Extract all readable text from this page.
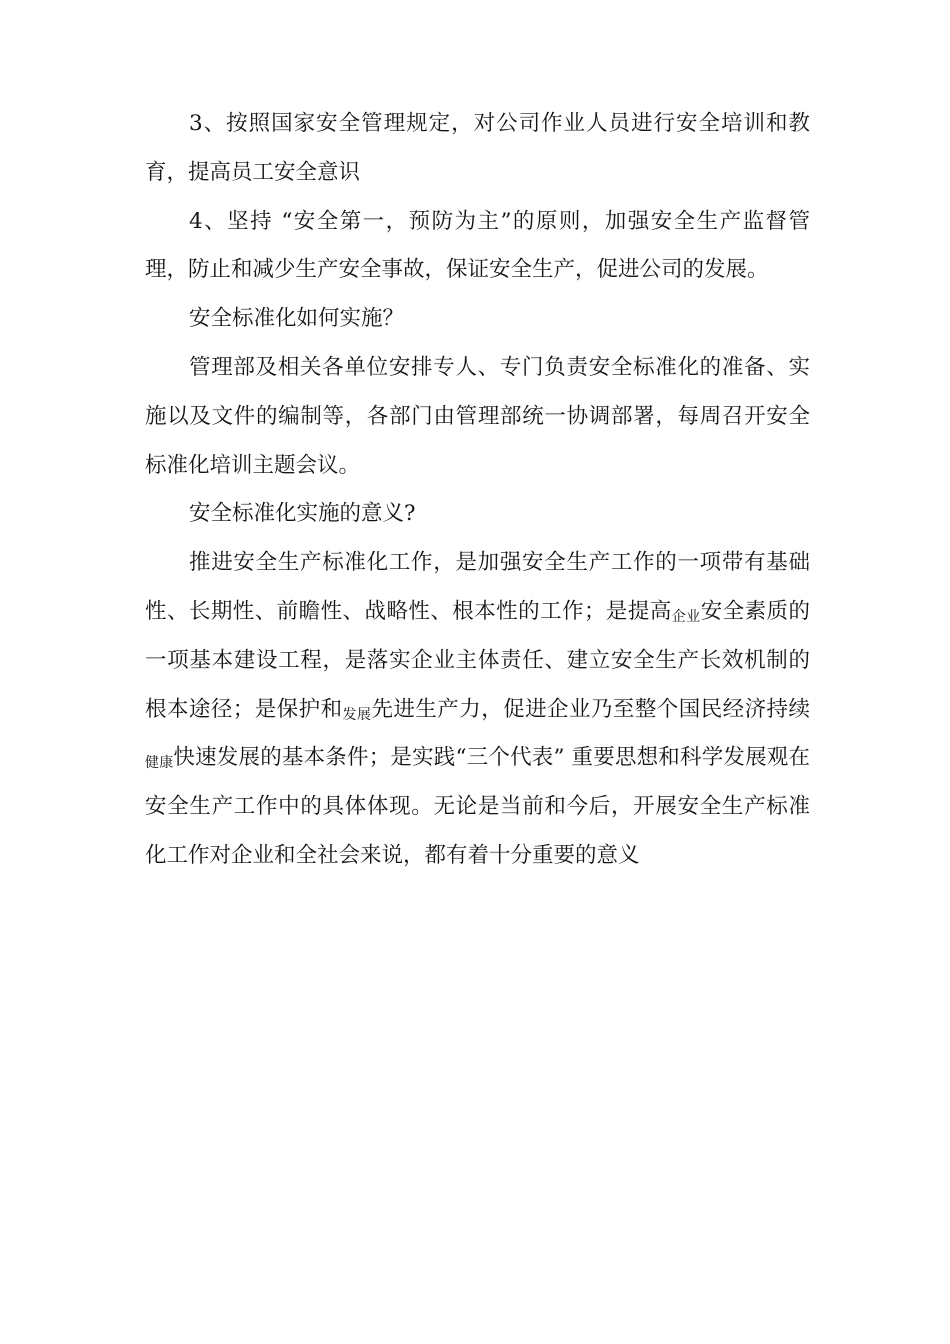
3、按照国家安全管理规定，对公司作业人员进行安全培训和教育，提高员工安全意识

4、坚持 “安全第一，预防为主”的原则，加强安全生产监督管理，防止和减少生产安全事故，保证安全生产，促进公司的发展。

安全标准化如何实施？

管理部及相关各单位安排专人、专门负责安全标准化的准备、实施以及文件的编制等，各部门由管理部统一协调部署，每周召开安全标准化培训主题会议。

安全标准化实施的意义?

推进安全生产标准化工作，是加强安全生产工作的一项带有基础性、长期性、前瞻性、战略性、根本性的工作；是提高企业安全素质的一项基本建设工程，是落实企业主体责任、建立安全生产长效机制的根本途径；是保护和发展先进生产力，促进企业乃至整个国民经济持续健康快速发展的基本条件；是实践“三个代表” 重要思想和科学发展观在安全生产工作中的具体体现。无论是当前和今后，开展安全生产标准化工作对企业和全社会来说，都有着十分重要的意义
